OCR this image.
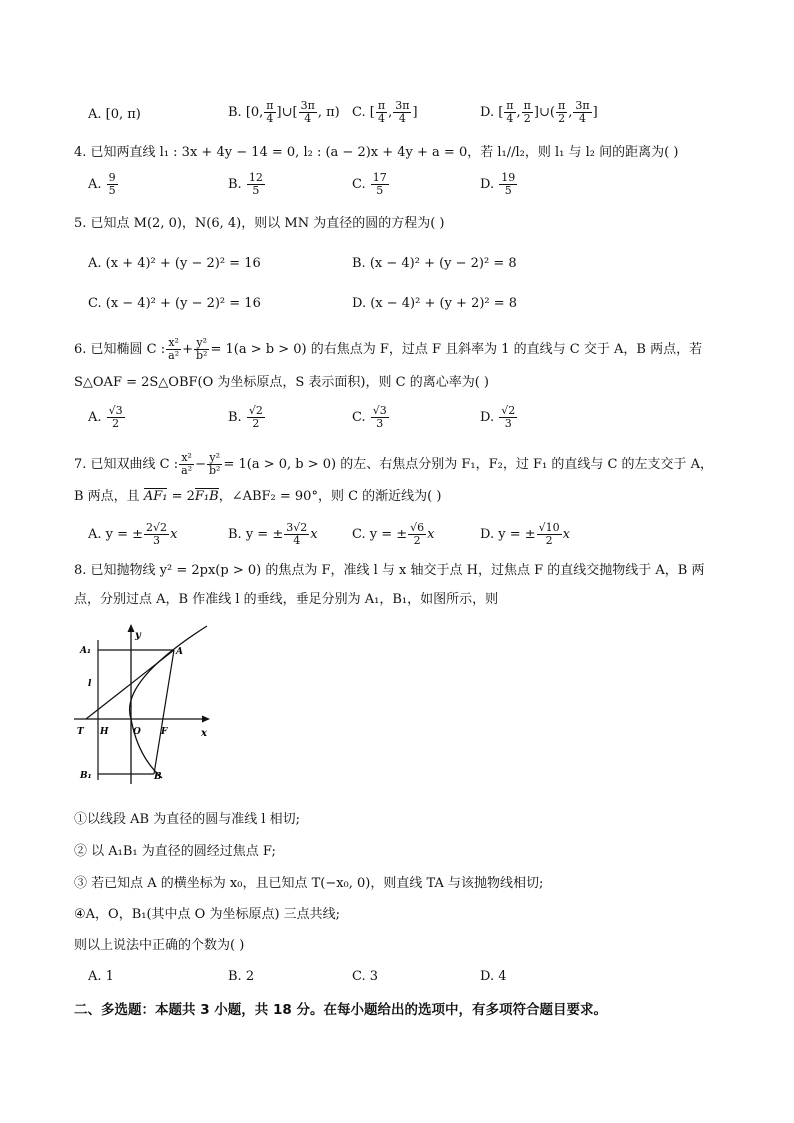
A. [0, π)	B. [0, $\frac{\pi}{4}$ ]∪[ $\frac{3\pi}{4}$ , π) C. [ $\frac{\pi}{4}$ , $\frac{3\pi}{4}$ ]	D. [ $\frac{\pi}{4}$ , $\frac{\pi}{2}$ ]∪( $\frac{\pi}{2}$ , $\frac{3\pi}{4}$ ]
4. 已知两直线 l₁ : 3x + 4y − 14 = 0, l₂ : (a − 2)x + 4y + a = 0，若 l₁//l₂，则 l₁ 与 l₂ 间的距离为( )
A. $\frac{9}{5}$	B. $\frac{12}{5}$	C. $\frac{17}{5}$	D. $\frac{19}{5}$
5. 已知点 M(2, 0)，N(6, 4)，则以 MN 为直径的圆的方程为( )
A. (x + 4)² + (y − 2)² = 16	B. (x − 4)² + (y − 2)² = 8
C. (x − 4)² + (y − 2)² = 16	D. (x − 4)² + (y + 2)² = 8
6. 已知椭圆 C : $\frac{\text{x²}}{\text{a²}} + \frac{\text{y²}}{\text{b²}} = 1(a > b > 0)$ 的右焦点为 F，过点 F 且斜率为 1 的直线与 C 交于 A，B 两点，若
S△OAF = 2S△OBF(O 为坐标原点，S 表示面积)，则 C 的离心率为( )
A. $\frac{√3}{2}$	B. $\frac{√2}{2}$	C. $\frac{√3}{3}$	D. $\frac{√2}{3}$
7. 已知双曲线 C : $\frac{\text{x²}}{\text{a²}} - \frac{\text{y²}}{\text{b²}} = 1(a > 0$, b > 0) 的左、右焦点分别为 F₁，F₂，过 F₁ 的直线与 C 的左支交于 A，
B 两点，且 AF₁ = 2F₁B，∠ABF₂ = 90°，则 C 的渐近线为( )
A. y = ± $\frac{2√2}{3}$ x	B. y = ± $\frac{3√2}{4}$ x	C. y = ± $\frac{√6}{2}$ x	D. y = ± $\frac{√10}{2}$ x
8. 已知抛物线 y² = 2px(p > 0) 的焦点为 F，准线 l 与 x 轴交于点 H，过焦点 F 的直线交抛物线于 A，B 两
点，分别过点 A，B 作准线 l 的垂线，垂足分别为 A₁，B₁，如图所示，则
A₁	A
l
T H	O F	x
y
B₁	B
①以线段 AB 为直径的圆与准线 l 相切;
② 以 A₁B₁ 为直径的圆经过焦点 F;
③ 若已知点 A 的横坐标为 x₀，且已知点 T(−x₀, 0)，则直线 TA 与该抛物线相切;
④A，O，B₁(其中点 O 为坐标原点) 三点共线;
则以上说法中正确的个数为( )
A. 1	B. 2	C. 3	D. 4
二、多选题：本题共 3 小题，共 18 分。在每小题给出的选项中，有多项符合题目要求。
